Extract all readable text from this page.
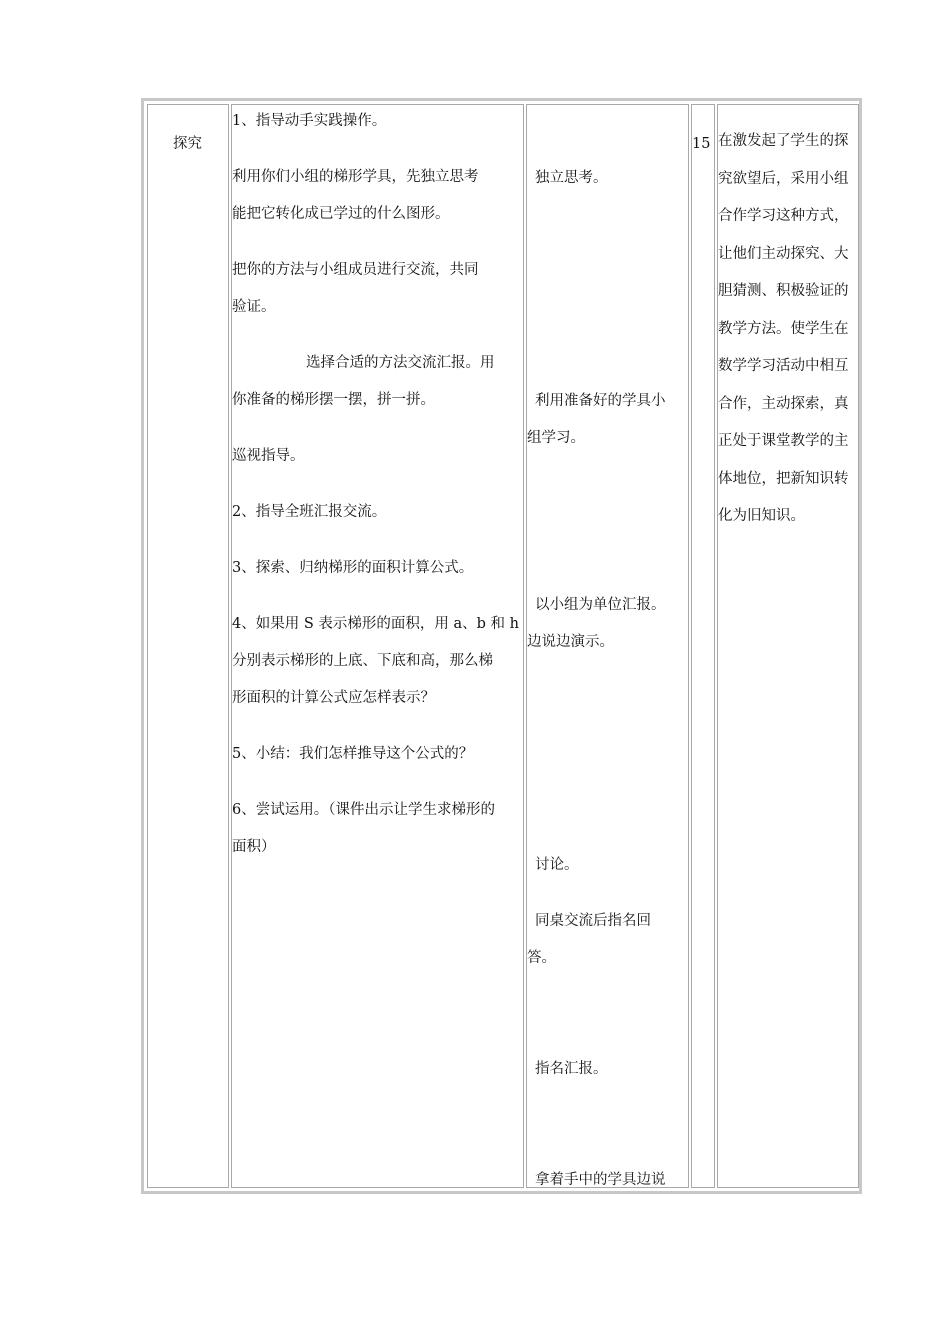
探究
1、指导动手实践操作。
利用你们小组的梯形学具，先独立思考
能把它转化成已学过的什么图形。
把你的方法与小组成员进行交流，共同
验证。
选择合适的方法交流汇报。用
你准备的梯形摆一摆，拼一拼。
巡视指导。
2、指导全班汇报交流。
3、探索、归纳梯形的面积计算公式。
4、如果用 S 表示梯形的面积，用 a、b 和 h
分别表示梯形的上底、下底和高，那么梯
形面积的计算公式应怎样表示？
5、小结：我们怎样推导这个公式的？
6、尝试运用。（课件出示让学生求梯形的
面积）
独立思考。
利用准备好的学具小
组学习。
以小组为单位汇报。
边说边演示。
讨论。
同桌交流后指名回
答。
指名汇报。
拿着手中的学具边说
15 在激发起了学生的探究欲望后，采用小组合作学习这种方式，让他们主动探究、大胆猜测、积极验证的教学方法。使学生在数学学习活动中相互合作，主动探索，真正处于课堂教学的主体地位，把新知识转化为旧知识。
